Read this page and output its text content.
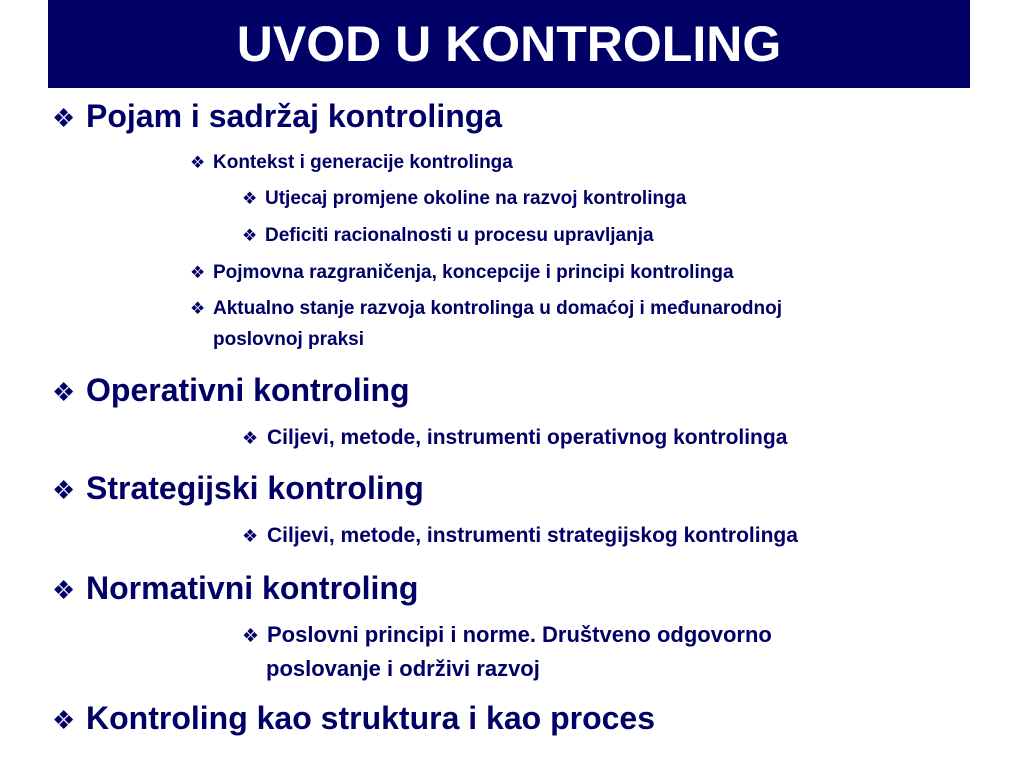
UVOD U KONTROLING
❖ Pojam i sadržaj kontrolinga
❖ Kontekst i generacije kontrolinga
❖ Utjecaj promjene okoline na razvoj kontrolinga
❖ Deficiti racionalnosti u procesu upravljanja
❖ Pojmovna razgraničenja, koncepcije i principi kontrolinga
❖ Aktualno stanje razvoja kontrolinga u domaćoj i međunarodnoj
poslovnoj praksi
❖ Operativni kontroling
❖ Ciljevi, metode, instrumenti operativnog kontrolinga
❖ Strategijski kontroling
❖ Ciljevi, metode, instrumenti strategijskog kontrolinga
❖ Normativni kontroling
❖ Poslovni principi i norme. Društveno odgovorno
poslovanje i održivi razvoj
❖ Kontroling kao struktura i kao proces
